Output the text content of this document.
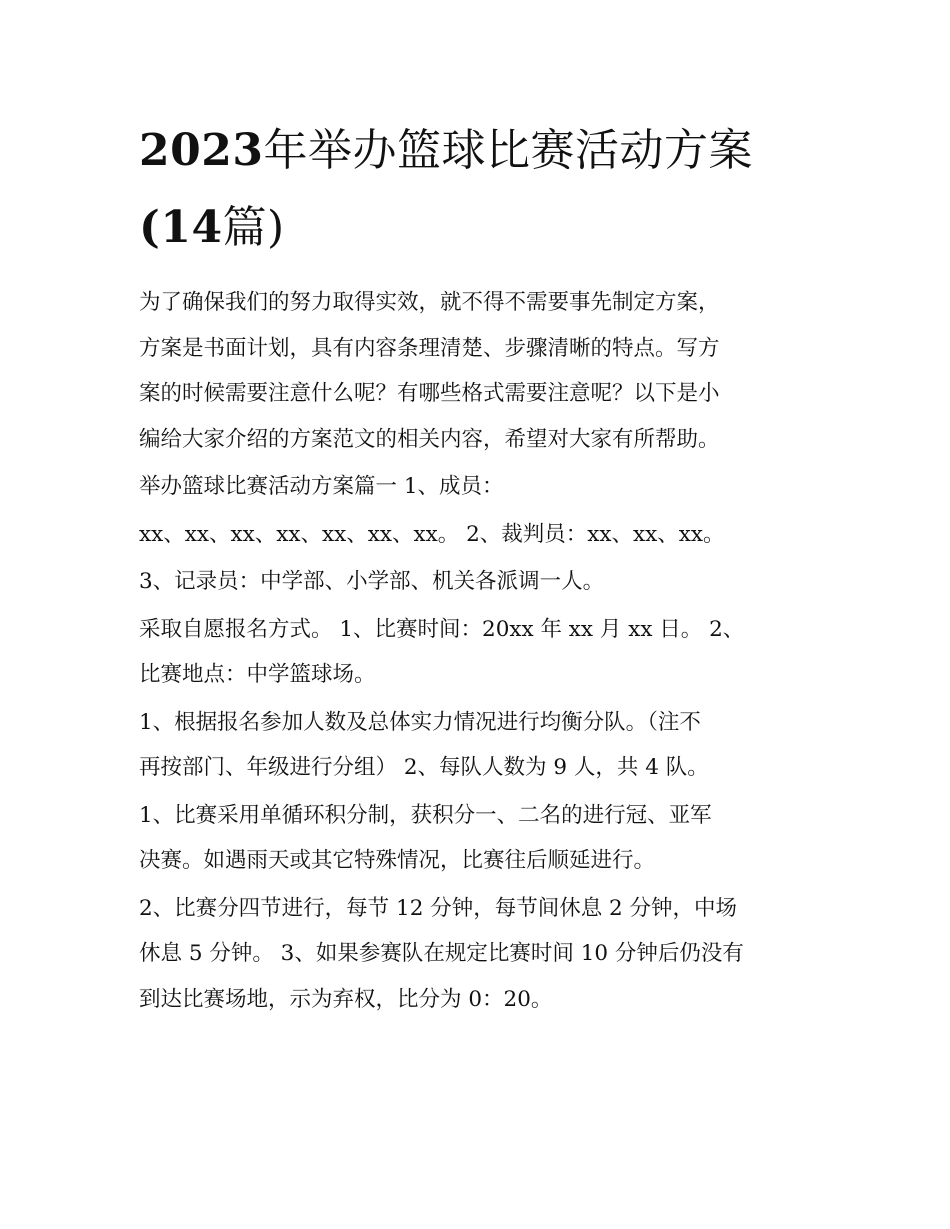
2023年举办篮球比赛活动方案
(14篇)

为了确保我们的努力取得实效，就不得不需要事先制定方案，
方案是书面计划，具有内容条理清楚、步骤清晰的特点。写方
案的时候需要注意什么呢？有哪些格式需要注意呢？以下是小
编给大家介绍的方案范文的相关内容，希望对大家有所帮助。

举办篮球比赛活动方案篇一 1、成员：

xx、xx、xx、xx、xx、xx、xx。 2、裁判员：xx、xx、xx。

3、记录员：中学部、小学部、机关各派调一人。

采取自愿报名方式。 1、比赛时间：20xx 年 xx 月 xx 日。 2、
比赛地点：中学篮球场。

1、根据报名参加人数及总体实力情况进行均衡分队。（注不
再按部门、年级进行分组） 2、每队人数为 9 人，共 4 队。

1、比赛采用单循环积分制，获积分一、二名的进行冠、亚军
决赛。如遇雨天或其它特殊情况，比赛往后顺延进行。

2、比赛分四节进行，每节 12 分钟，每节间休息 2 分钟，中场
休息 5 分钟。 3、如果参赛队在规定比赛时间 10 分钟后仍没有
到达比赛场地，示为弃权，比分为 0：20。
